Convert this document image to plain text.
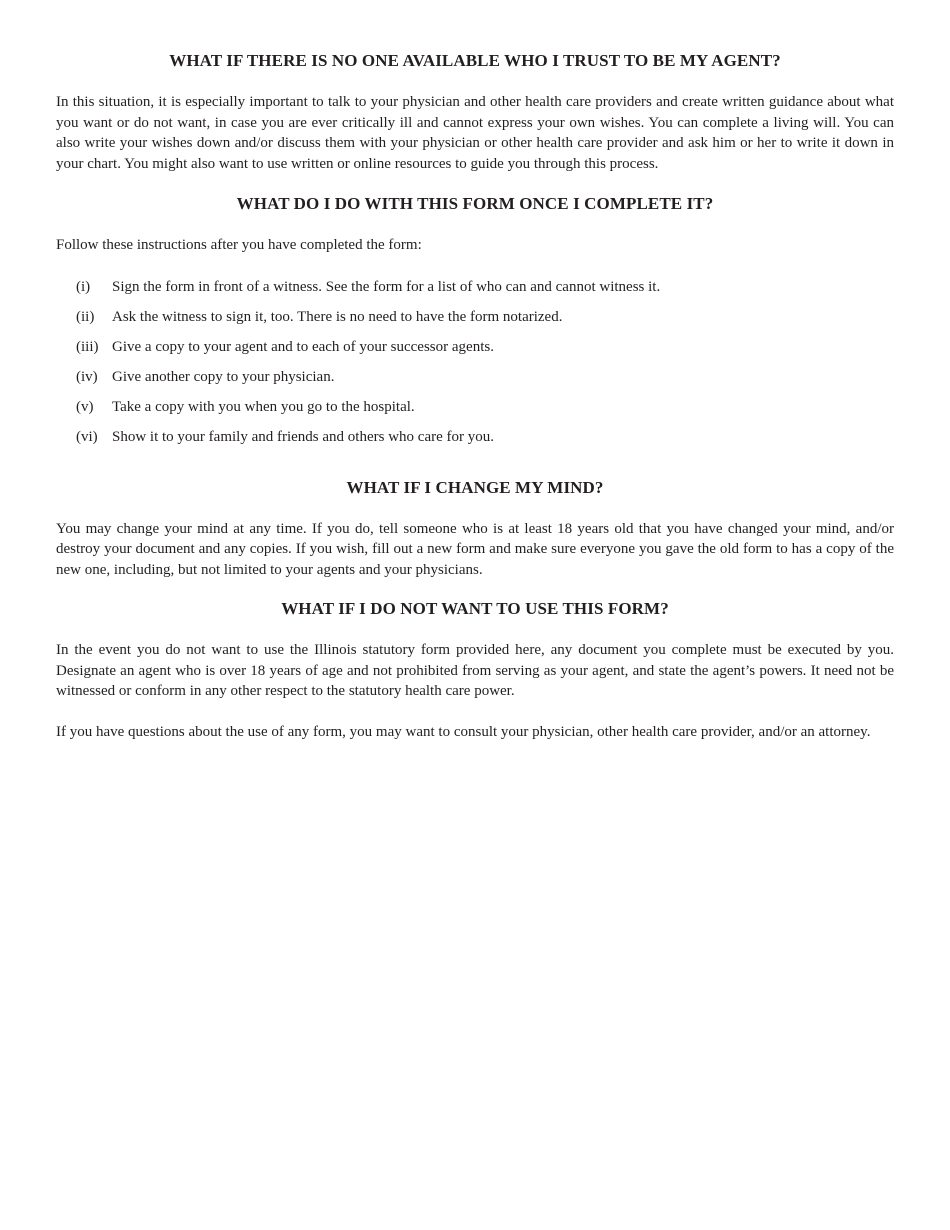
WHAT IF THERE IS NO ONE AVAILABLE WHO I TRUST TO BE MY AGENT?

In this situation, it is especially important to talk to your physician and other health care providers and create written guidance about what you want or do not want, in case you are ever critically ill and cannot express your own wishes. You can complete a living will. You can also write your wishes down and/or discuss them with your physician or other health care provider and ask him or her to write it down in your chart. You might also want to use written or online resources to guide you through this process.

WHAT DO I DO WITH THIS FORM ONCE I COMPLETE IT?

Follow these instructions after you have completed the form:

(i)	Sign the form in front of a witness. See the form for a list of who can and cannot witness it.
(ii)	Ask the witness to sign it, too. There is no need to have the form notarized.
(iii) Give a copy to your agent and to each of your successor agents.
(iv) Give another copy to your physician.
(v)	Take a copy with you when you go to the hospital.
(vi) Show it to your family and friends and others who care for you.
WHAT IF I CHANGE MY MIND?

You may change your mind at any time. If you do, tell someone who is at least 18 years old that you have changed your mind, and/or destroy your document and any copies. If you wish, fill out a new form and make sure everyone you gave the old form to has a copy of the new one, including, but not limited to your agents and your physicians.

WHAT IF I DO NOT WANT TO USE THIS FORM?

In the event you do not want to use the Illinois statutory form provided here, any document you complete must be executed by you. Designate an agent who is over 18 years of age and not prohibited from serving as your agent, and state the agent’s powers. It need not be witnessed or conform in any other respect to the statutory health care power.

If you have questions about the use of any form, you may want to consult your physician, other health care provider, and/or an attorney.
